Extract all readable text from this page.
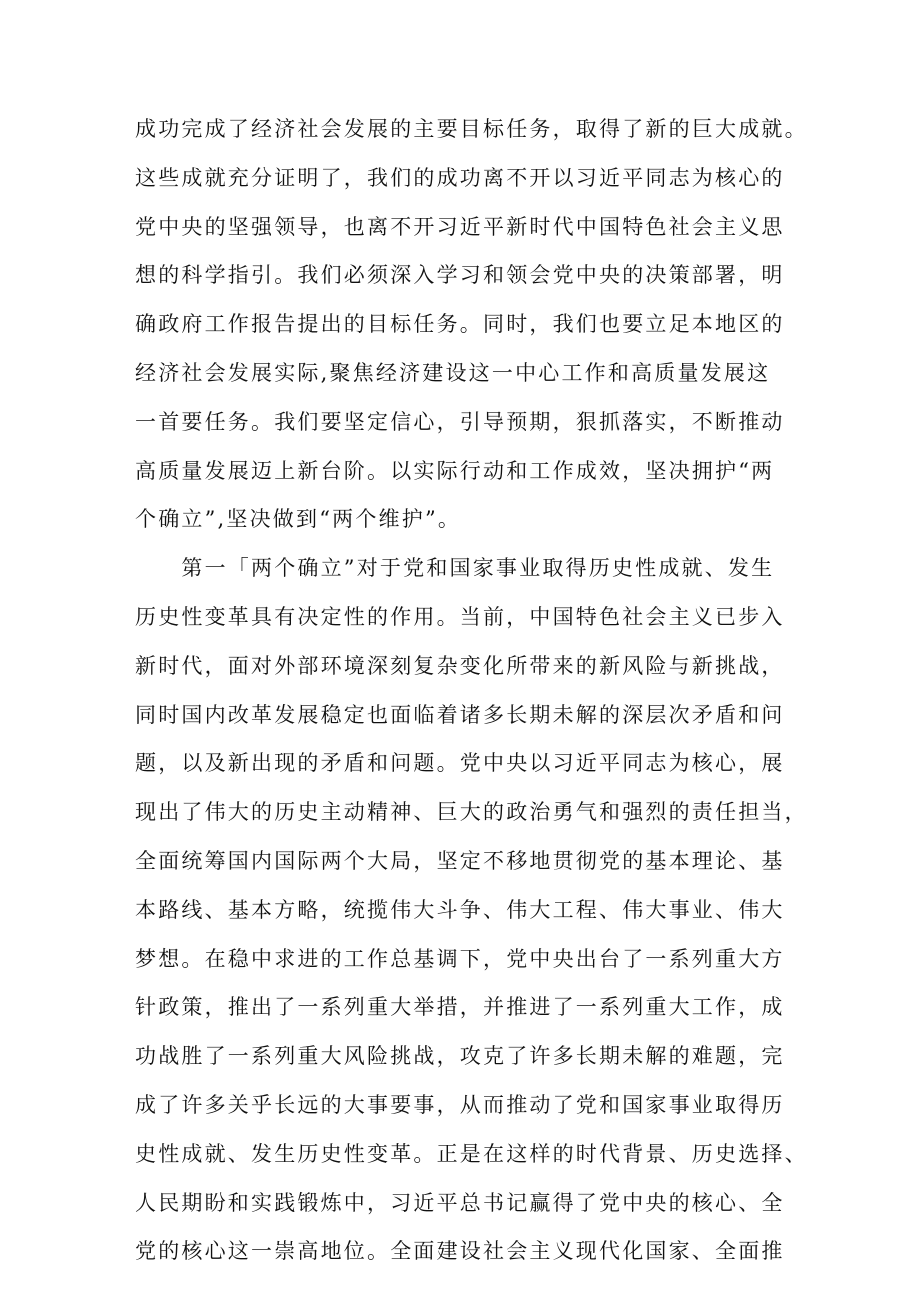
成功完成了经济社会发展的主要目标任务，取得了新的巨大成就。
这些成就充分证明了，我们的成功离不开以习近平同志为核心的
党中央的坚强领导，也离不开习近平新时代中国特色社会主义思
想的科学指引。我们必须深入学习和领会党中央的决策部署，明
确政府工作报告提出的目标任务。同时，我们也要立足本地区的
经济社会发展实际,聚焦经济建设这一中心工作和高质量发展这
一首要任务。我们要坚定信心，引导预期，狠抓落实，不断推动
高质量发展迈上新台阶。以实际行动和工作成效，坚决拥护“两
个确立”,坚决做到“两个维护”。
　　第一「两个确立”对于党和国家事业取得历史性成就、发生
历史性变革具有决定性的作用。当前，中国特色社会主义已步入
新时代，面对外部环境深刻复杂变化所带来的新风险与新挑战，
同时国内改革发展稳定也面临着诸多长期未解的深层次矛盾和问
题，以及新出现的矛盾和问题。党中央以习近平同志为核心，展
现出了伟大的历史主动精神、巨大的政治勇气和强烈的责任担当，
全面统筹国内国际两个大局，坚定不移地贯彻党的基本理论、基
本路线、基本方略，统揽伟大斗争、伟大工程、伟大事业、伟大
梦想。在稳中求进的工作总基调下，党中央出台了一系列重大方
针政策，推出了一系列重大举措，并推进了一系列重大工作，成
功战胜了一系列重大风险挑战，攻克了许多长期未解的难题，完
成了许多关乎长远的大事要事，从而推动了党和国家事业取得历
史性成就、发生历史性变革。正是在这样的时代背景、历史选择、
人民期盼和实践锻炼中，习近平总书记赢得了党中央的核心、全
党的核心这一崇高地位。全面建设社会主义现代化国家、全面推
